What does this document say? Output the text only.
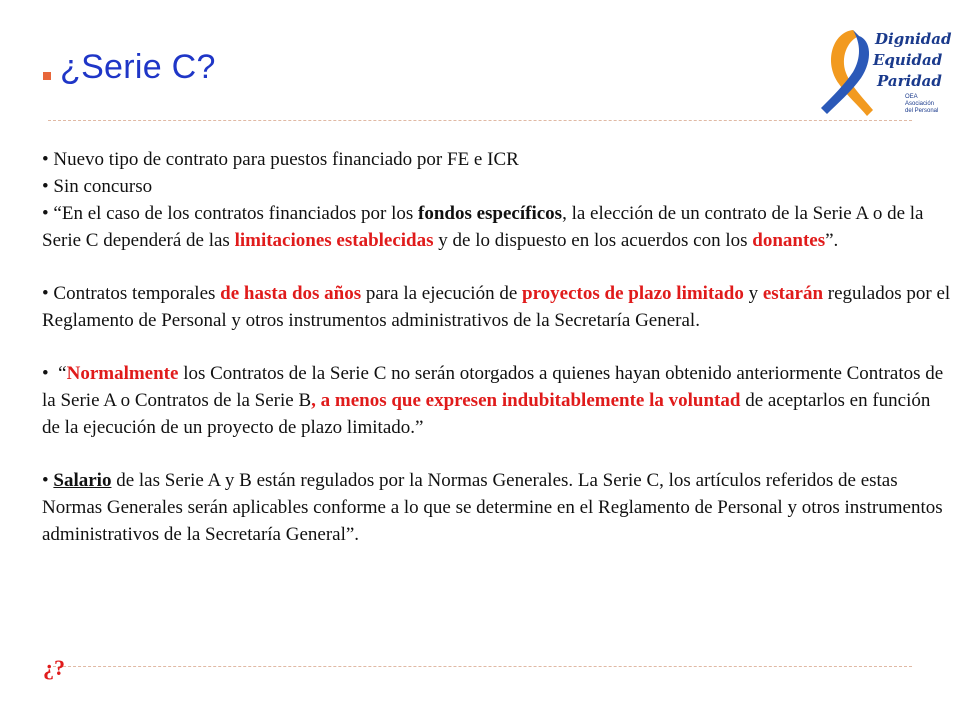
¿Serie C?
Dignidad
Equidad
Paridad
OEA Asociación del Personal

• Nuevo tipo de contrato para puestos financiado por FE e ICR

• Sin concurso

• “En el caso de los contratos financiados por los fondos específicos, la elección de un contrato de la Serie A o de la Serie C dependerá de las limitaciones establecidas y de lo dispuesto en los acuerdos con los donantes”.

• Contratos temporales de hasta dos años para la ejecución de proyectos de plazo limitado y estarán regulados por el Reglamento de Personal y otros instrumentos administrativos de la Secretaría General.

•  “Normalmente los Contratos de la Serie C no serán otorgados a quienes hayan obtenido anteriormente Contratos de la Serie A o Contratos de la Serie B, a menos que expresen indubitablemente la voluntad de aceptarlos en función de la ejecución de un proyecto de plazo limitado.”

• Salario de las Serie A y B están regulados por la Normas Generales. La Serie C, los artículos referidos de estas Normas Generales serán aplicables conforme a lo que se determine en el Reglamento de Personal y otros instrumentos administrativos de la Secretaría General”.

¿?
